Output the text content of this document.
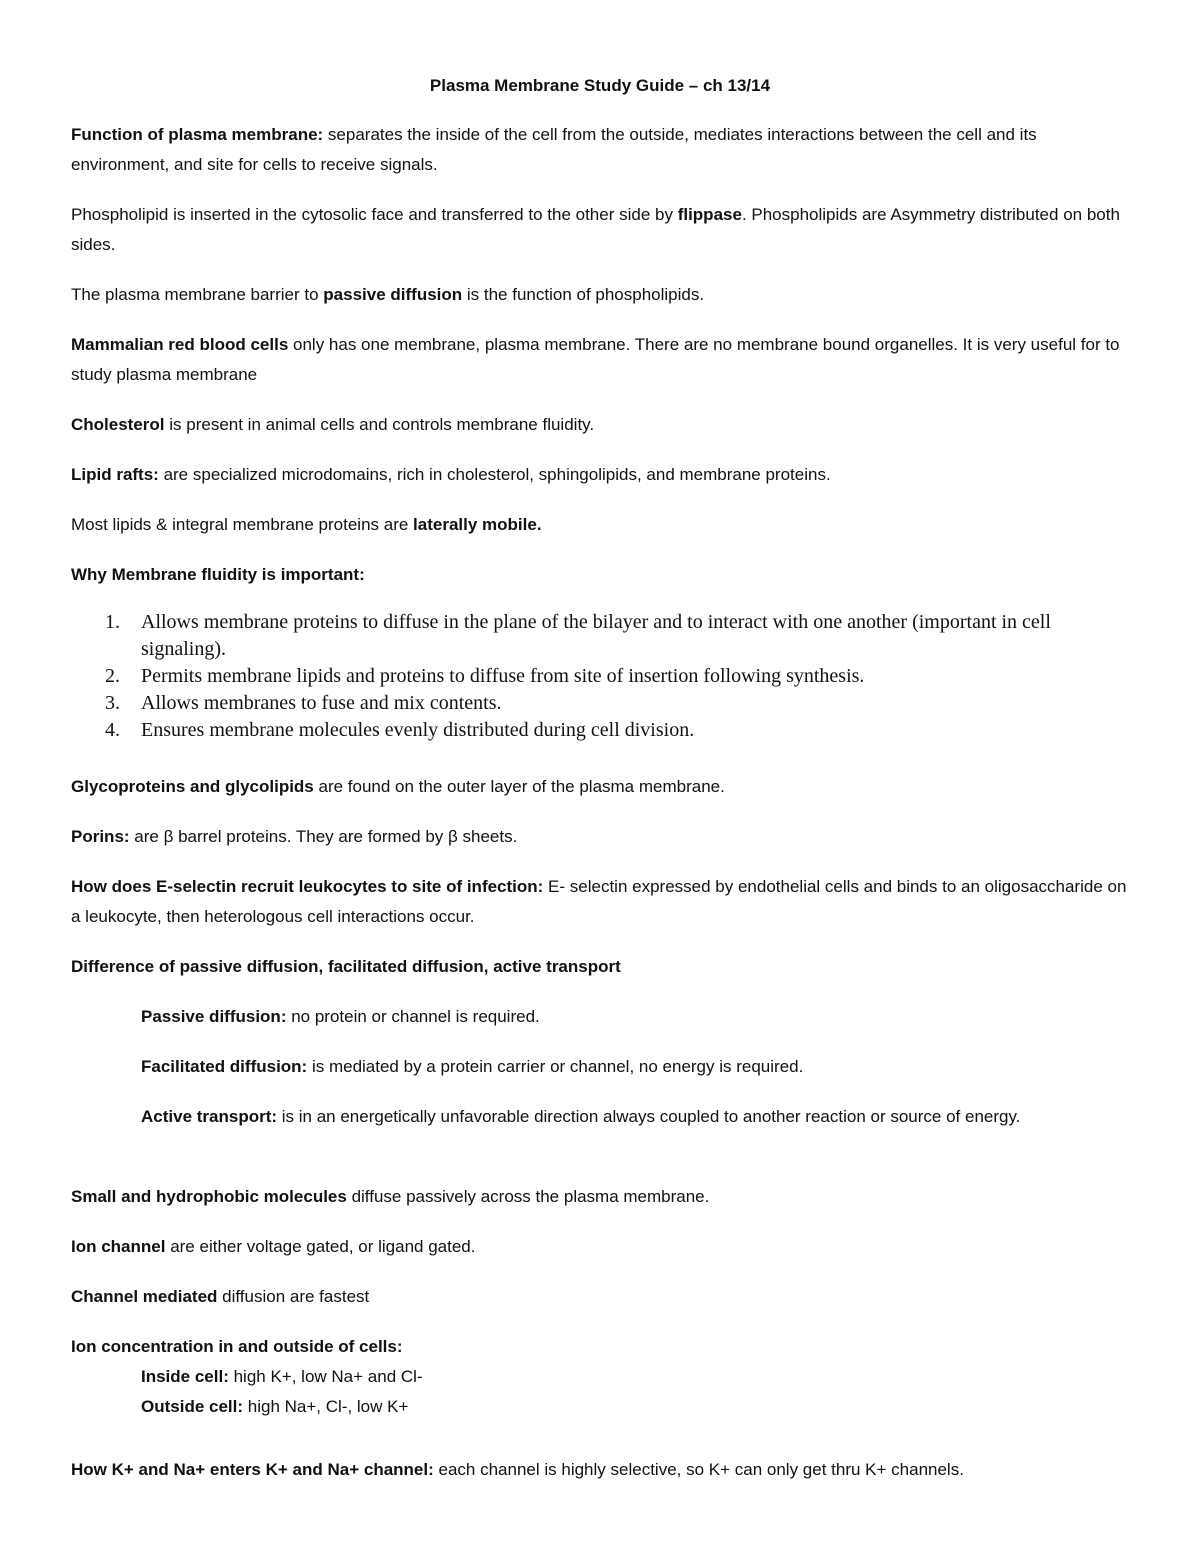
Plasma Membrane Study Guide – ch 13/14
Function of plasma membrane: separates the inside of the cell from the outside, mediates interactions between the cell and its environment, and site for cells to receive signals.
Phospholipid is inserted in the cytosolic face and transferred to the other side by flippase. Phospholipids are Asymmetry distributed on both sides.
The plasma membrane barrier to passive diffusion is the function of phospholipids.
Mammalian red blood cells only has one membrane, plasma membrane. There are no membrane bound organelles. It is very useful for to study plasma membrane
Cholesterol is present in animal cells and controls membrane fluidity.
Lipid rafts: are specialized microdomains, rich in cholesterol, sphingolipids, and membrane proteins.
Most lipids & integral membrane proteins are laterally mobile.
Why Membrane fluidity is important:
1. Allows membrane proteins to diffuse in the plane of the bilayer and to interact with one another (important in cell signaling).
2. Permits membrane lipids and proteins to diffuse from site of insertion following synthesis.
3. Allows membranes to fuse and mix contents.
4. Ensures membrane molecules evenly distributed during cell division.
Glycoproteins and glycolipids are found on the outer layer of the plasma membrane.
Porins: are β barrel proteins. They are formed by β sheets.
How does E-selectin recruit leukocytes to site of infection: E- selectin expressed by endothelial cells and binds to an oligosaccharide on a leukocyte, then heterologous cell interactions occur.
Difference of passive diffusion, facilitated diffusion, active transport
Passive diffusion: no protein or channel is required.
Facilitated diffusion: is mediated by a protein carrier or channel, no energy is required.
Active transport: is in an energetically unfavorable direction always coupled to another reaction or source of energy.
Small and hydrophobic molecules diffuse passively across the plasma membrane.
Ion channel are either voltage gated, or ligand gated.
Channel mediated diffusion are fastest
Ion concentration in and outside of cells:
Inside cell: high K+, low Na+ and Cl-
Outside cell: high Na+, Cl-, low K+
How K+ and Na+ enters K+ and Na+ channel: each channel is highly selective, so K+ can only get thru K+ channels.
